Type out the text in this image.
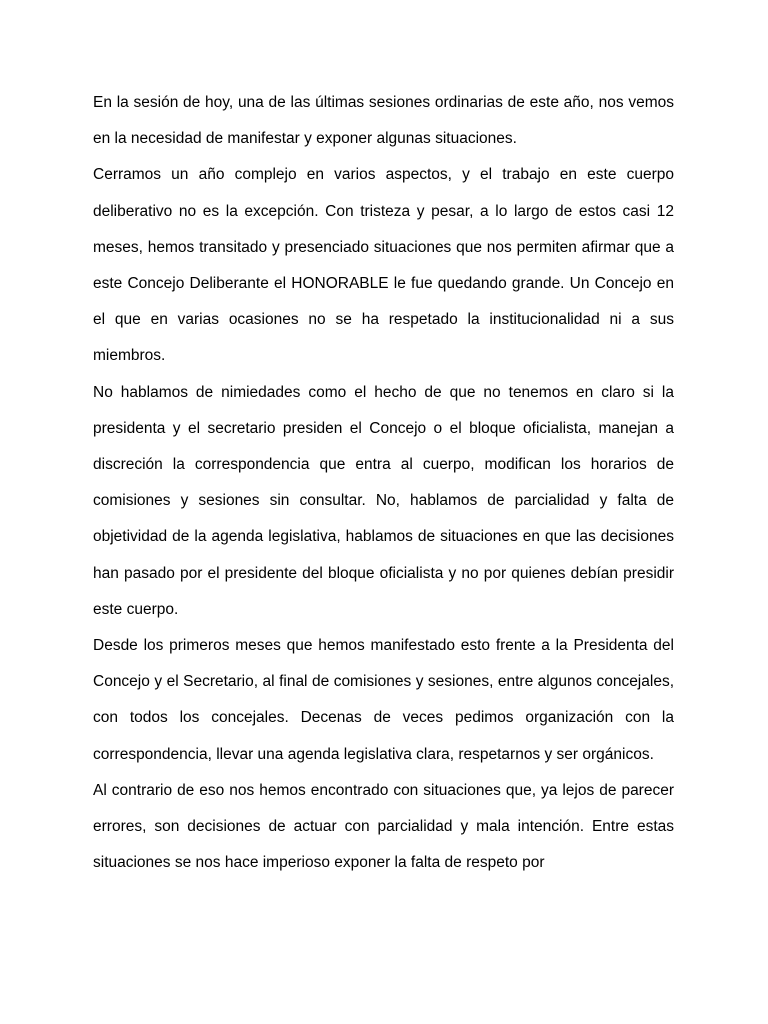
En la sesión de hoy, una de las últimas sesiones ordinarias de este año, nos vemos en la necesidad de manifestar y exponer algunas situaciones.

Cerramos un año complejo en varios aspectos, y el trabajo en este cuerpo deliberativo no es la excepción. Con tristeza y pesar, a lo largo de estos casi 12 meses, hemos transitado y presenciado situaciones que nos permiten afirmar que a este Concejo Deliberante el HONORABLE le fue quedando grande. Un Concejo en el que en varias ocasiones no se ha respetado la institucionalidad ni a sus miembros.

No hablamos de nimiedades como el hecho de que no tenemos en claro si la presidenta y el secretario presiden el Concejo o el bloque oficialista, manejan a discreción la correspondencia que entra al cuerpo, modifican los horarios de comisiones y sesiones sin consultar. No, hablamos de parcialidad y falta de objetividad de la agenda legislativa, hablamos de situaciones en que las decisiones han pasado por el presidente del bloque oficialista y no por quienes debían presidir este cuerpo.

Desde los primeros meses que hemos manifestado esto frente a la Presidenta del Concejo y el Secretario, al final de comisiones y sesiones, entre algunos concejales, con todos los concejales. Decenas de veces pedimos organización con la correspondencia, llevar una agenda legislativa clara, respetarnos y ser orgánicos.

Al contrario de eso nos hemos encontrado con situaciones que, ya lejos de parecer errores, son decisiones de actuar con parcialidad y mala intención. Entre estas situaciones se nos hace imperioso exponer la falta de respeto por
